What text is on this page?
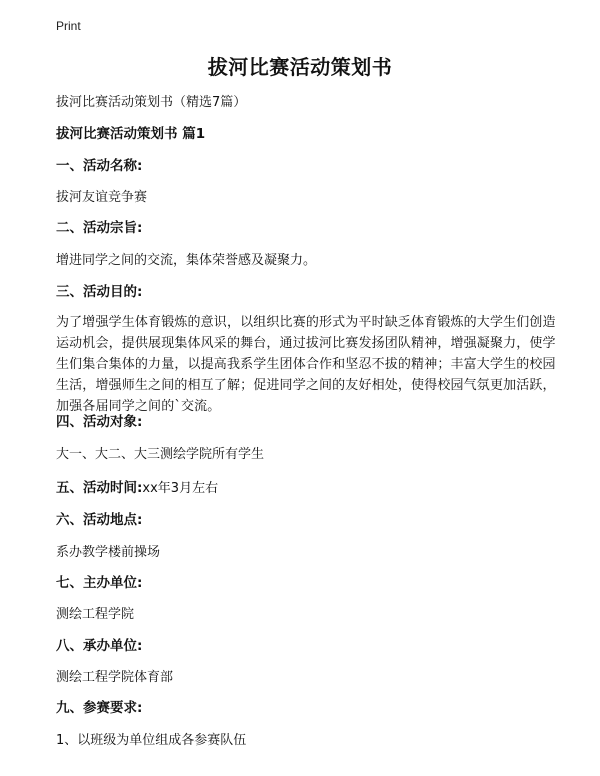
Print
拔河比赛活动策划书

拔河比赛活动策划书（精选7篇）

拔河比赛活动策划书 篇1

一、活动名称:

拔河友谊竞争赛

二、活动宗旨:

增进同学之间的交流，集体荣誉感及凝聚力。

三、活动目的:

为了增强学生体育锻炼的意识，以组织比赛的形式为平时缺乏体育锻炼的大学生们创造运动机会，提供展现集体风采的舞台，通过拔河比赛发扬团队精神，增强凝聚力，使学生们集合集体的力量，以提高我系学生团体合作和坚忍不拔的精神；丰富大学生的校园生活，增强师生之间的相互了解；促进同学之间的友好相处，使得校园气氛更加活跃，加强各届同学之间的`交流。

四、活动对象:

大一、大二、大三测绘学院所有学生

五、活动时间:xx年3月左右

六、活动地点:

系办教学楼前操场

七、主办单位:

测绘工程学院

八、承办单位:

测绘工程学院体育部

九、参赛要求:

1、以班级为单位组成各参赛队伍
